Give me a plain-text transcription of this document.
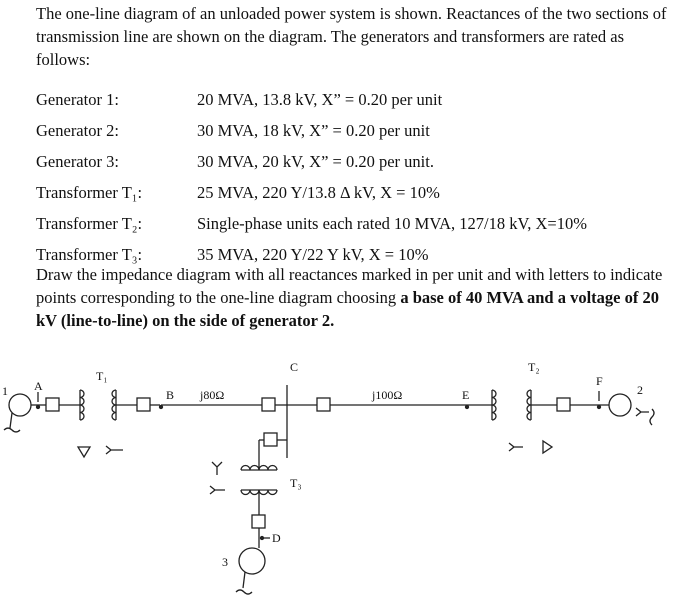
The one-line diagram of an unloaded power system is shown. Reactances of the two sections of transmission line are shown on the diagram. The generators and transformers are rated as follows:
Generator 1:	20 MVA, 13.8 kV, X” = 0.20 per unit
Generator 2:	30 MVA, 18 kV, X” = 0.20 per unit
Generator 3:	30 MVA, 20 kV, X” = 0.20 per unit.
Transformer T₁:	25 MVA, 220 Y/13.8 Δ kV, X = 10%
Transformer T₂:	Single-phase units each rated 10 MVA, 127/18 kV, X=10%
Transformer T₃:	35 MVA, 220 Y/22 Y kV, X = 10%
Draw the impedance diagram with all reactances marked in per unit and with letters to indicate points corresponding to the one-line diagram choosing a base of 40 MVA and a voltage of 20 kV (line-to-line) on the side of generator 2.
1 A
T₁
B j80Ω
C
j100Ω	E
T₂
F
2
T₃
D
3
